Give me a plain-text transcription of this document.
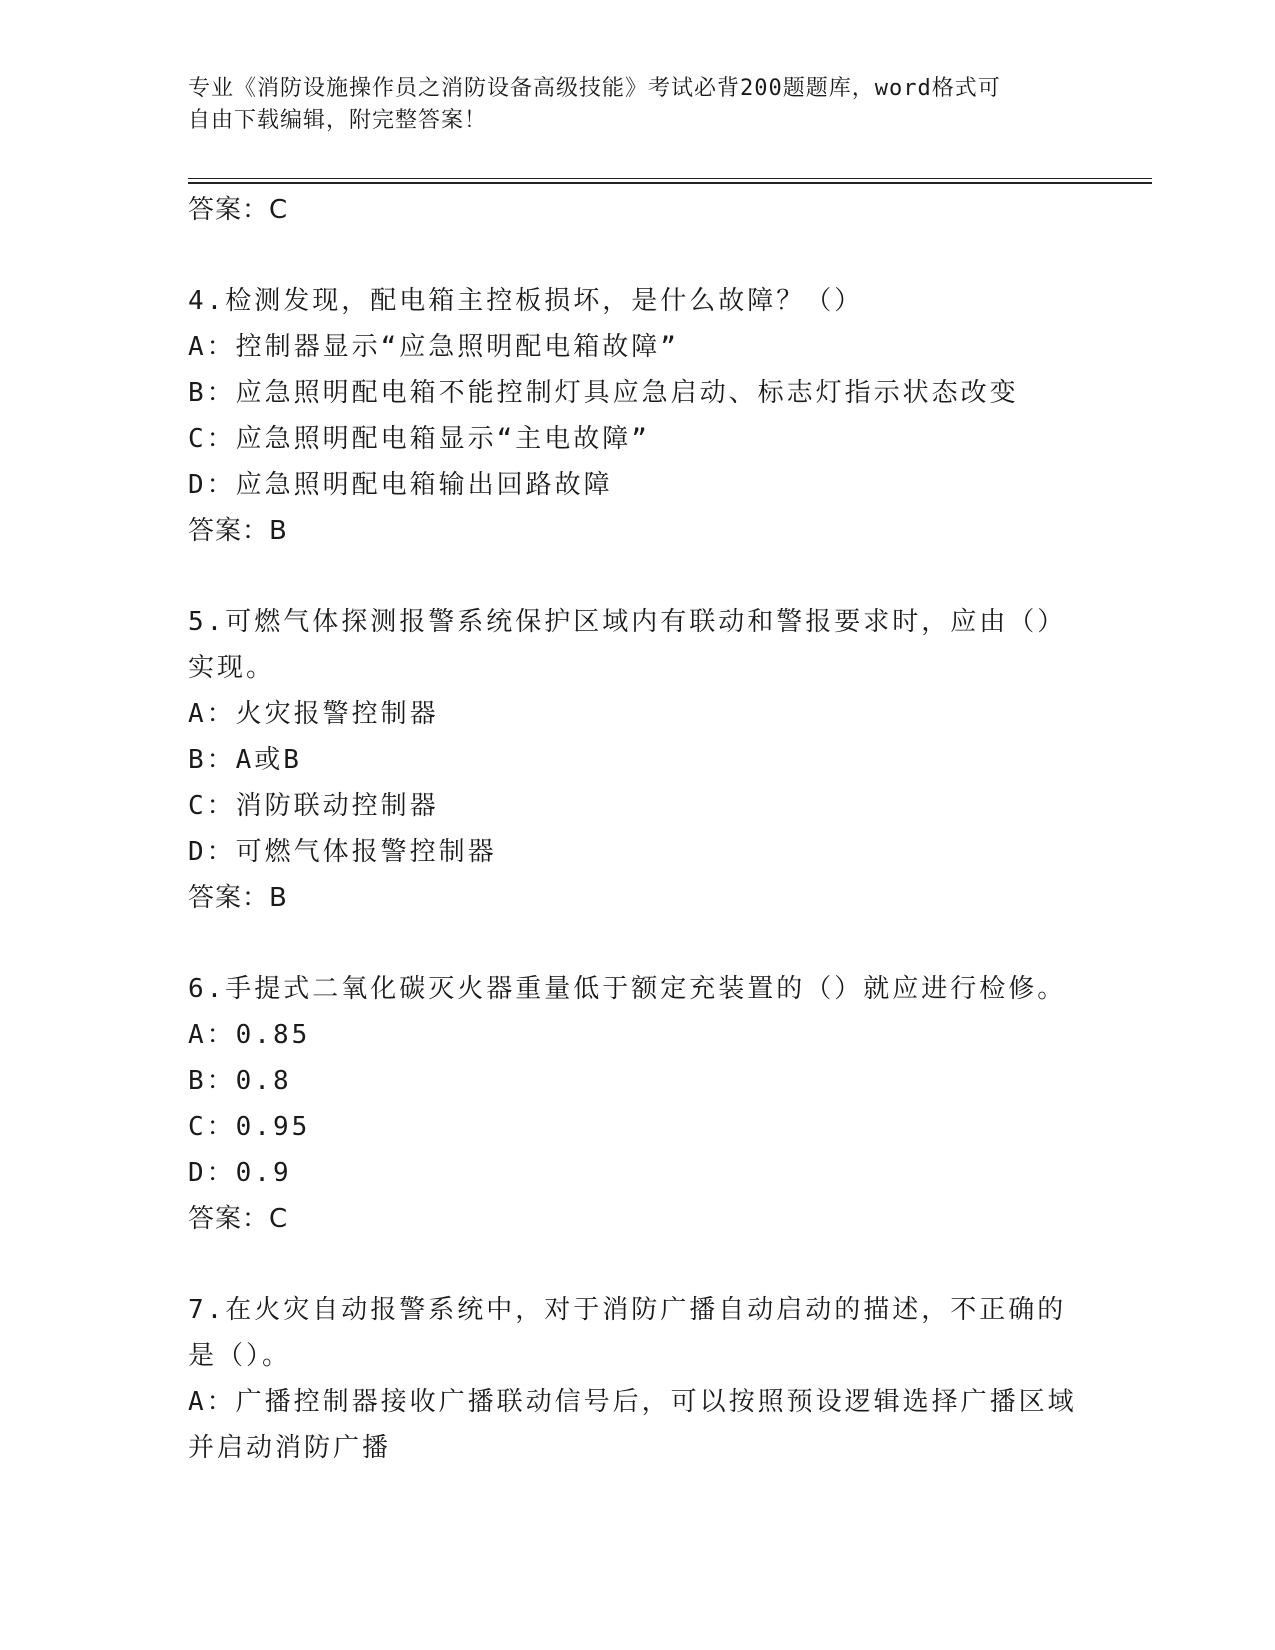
专业《消防设施操作员之消防设备高级技能》考试必背200题题库，word格式可
自由下载编辑，附完整答案！
答案：C
4.检测发现，配电箱主控板损坏，是什么故障？（）
A：控制器显示“应急照明配电箱故障”
B：应急照明配电箱不能控制灯具应急启动、标志灯指示状态改变
C：应急照明配电箱显示“主电故障”
D：应急照明配电箱输出回路故障
答案：B
5.可燃气体探测报警系统保护区域内有联动和警报要求时，应由（）
实现。
A：火灾报警控制器
B：A或B
C：消防联动控制器
D：可燃气体报警控制器
答案：B
6.手提式二氧化碳灭火器重量低于额定充装置的（）就应进行检修。
A：0.85
B：0.8
C：0.95
D：0.9
答案：C
7.在火灾自动报警系统中，对于消防广播自动启动的描述，不正确的
是（）。
A：广播控制器接收广播联动信号后，可以按照预设逻辑选择广播区域
并启动消防广播
